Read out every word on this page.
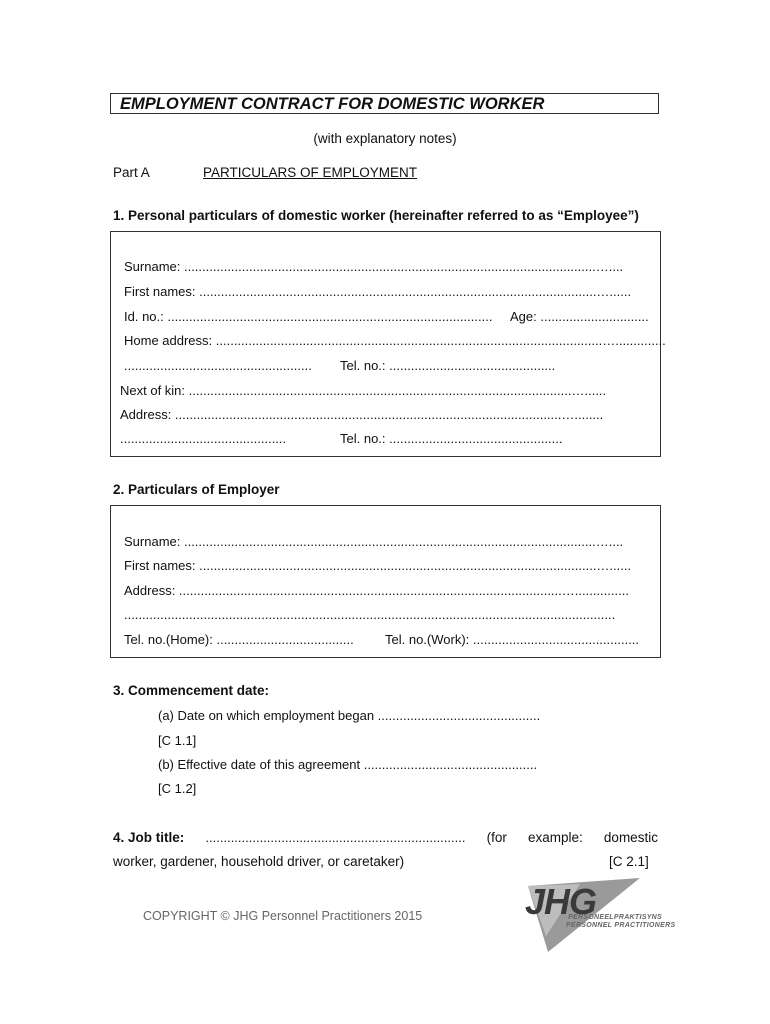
EMPLOYMENT CONTRACT FOR DOMESTIC WORKER
(with explanatory notes)
Part A	PARTICULARS OF EMPLOYMENT
1. Personal particulars of domestic worker (hereinafter referred to as “Employee”)
Surname: ..................................................................................................................…....
First names: ..............................................................................................................…......
Id. no.: .......................................................................................... Age: ..............................
Home address: ...........................................................................................................…..............
.................................................... Tel. no.: ..............................................
Next of kin: ..........................................................................................................…......
Address: ...........................................................................................................…........
..............................................	Tel. no.: ................................................
2. Particulars of Employer
Surname: ..................................................................................................................…....
First names: ..............................................................................................................…......
Address: ..........................................................................................................…...............
........................................................................................................................................
Tel. no.(Home): ...................................... Tel. no.(Work): ..............................................
3. Commencement date:
(a) Date on which employment began .............................................
[C 1.1]
(b) Effective date of this agreement ................................................
[C 1.2]
4. Job title: ........................................................................ (for example: domestic
worker, gardener, household driver, or caretaker)	[C 2.1]
COPYRIGHT © JHG Personnel Practitioners 2015	JHG
PERSONEELPRAKTISYNS
PERSONNEL PRACTITIONERS
